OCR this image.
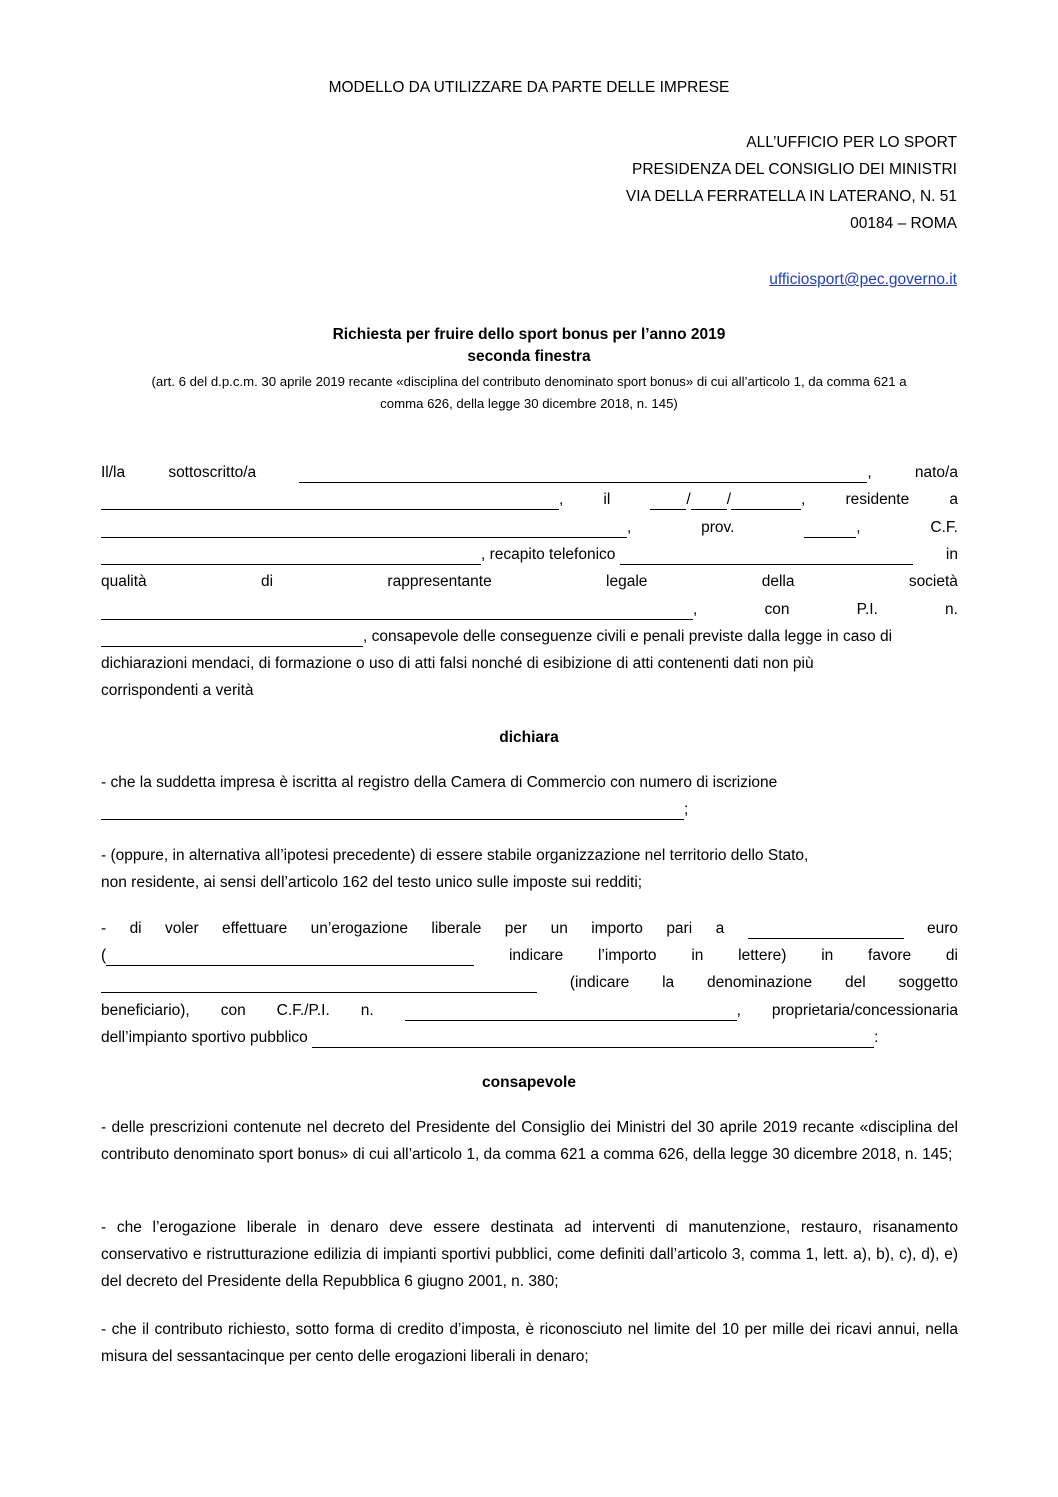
MODELLO DA UTILIZZARE DA PARTE DELLE IMPRESE
ALL’UFFICIO PER LO SPORT
PRESIDENZA DEL CONSIGLIO DEI MINISTRI
VIA DELLA FERRATELLA IN LATERANO, N. 51
00184 – ROMA
ufficiosport@pec.governo.it
Richiesta per fruire dello sport bonus per l’anno 2019
seconda finestra
(art. 6 del d.p.c.m. 30 aprile 2019 recante «disciplina del contributo denominato sport bonus» di cui all’articolo 1, da comma 621 a
comma 626, della legge 30 dicembre 2018, n. 145)
Il/la	sottoscritto/a	,	nato/a
,	il	/ /	,	residente	a
,	prov.	,	C.F.
, recapito telefonico	in
qualità	di	rappresentante	legale	della	società
,	con	P.I.	n.
, consapevole delle conseguenze civili e penali previste dalla legge in caso di
dichiarazioni mendaci, di formazione o uso di atti falsi nonché di esibizione di atti contenenti dati non più
corrispondenti a verità
dichiara
- che la suddetta impresa è iscritta al registro della Camera di Commercio con numero di iscrizione
;
- (oppure, in alternativa all’ipotesi precedente) di essere stabile organizzazione nel territorio dello Stato,
non residente, ai sensi dell’articolo 162 del testo unico sulle imposte sui redditi;
- di voler effettuare un’erogazione liberale per un importo pari a	euro
(	indicare l’importo in lettere) in favore di
(indicare la denominazione del soggetto
beneficiario), con C.F./P.I. n.	, proprietaria/concessionaria
dell’impianto sportivo pubblico	:
consapevole
- delle prescrizioni contenute nel decreto del Presidente del Consiglio dei Ministri del 30 aprile 2019 recante «disciplina del contributo denominato sport bonus» di cui all’articolo 1, da comma 621 a comma 626, della legge 30 dicembre 2018, n. 145;
- che l’erogazione liberale in denaro deve essere destinata ad interventi di manutenzione, restauro, risanamento conservativo e ristrutturazione edilizia di impianti sportivi pubblici, come definiti dall’articolo 3, comma 1, lett. a), b), c), d), e) del decreto del Presidente della Repubblica 6 giugno 2001, n. 380;
- che il contributo richiesto, sotto forma di credito d’imposta, è riconosciuto nel limite del 10 per mille dei ricavi annui, nella misura del sessantacinque per cento delle erogazioni liberali in denaro;
